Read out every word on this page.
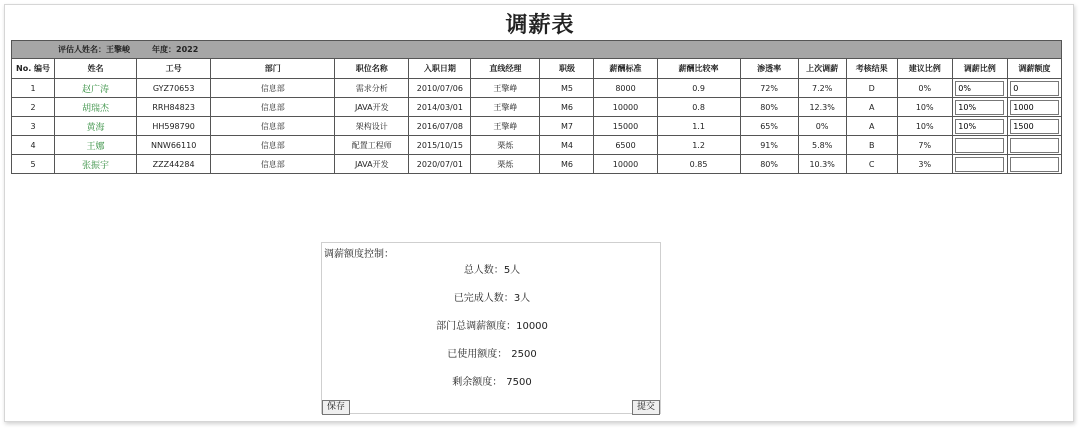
调薪表
评估人姓名：王擎峻 年度：2022															
No. 编号	姓名	工号	部门	职位名称	入职日期	直线经理	职级	薪酬标准	薪酬比较率	渗透率	上次调薪	考核结果	建议比例	调薪比例	调薪额度
1	赵广涛	GYZ70653	信息部	需求分析	2010/07/06	王擎峥	M5	8000	0.9	72%	7.2%	D	0%	0%	0
2	胡瑞杰	RRH84823	信息部	JAVA开发	2014/03/01	王擎峥	M6	10000	0.8	80%	12.3%	A	10%	10%	1000
3	黄海	HH598790	信息部	架构设计	2016/07/08	王擎峥	M7	15000	1.1	65%	0%	A	10%	10%	1500
4	王娜	NNW66110	信息部	配置工程师	2015/10/15	栗烁	M4	6500	1.2	91%	5.8%	B	7%		
5	张振宇	ZZZ44284	信息部	JAVA开发	2020/07/01	栗烁	M6	10000	0.85	80%	10.3%	C	3%		
调薪额度控制：
总人数：5人
已完成人数：3人
部门总调薪额度：10000
已使用额度： 2500
剩余额度： 7500
保存	提交
